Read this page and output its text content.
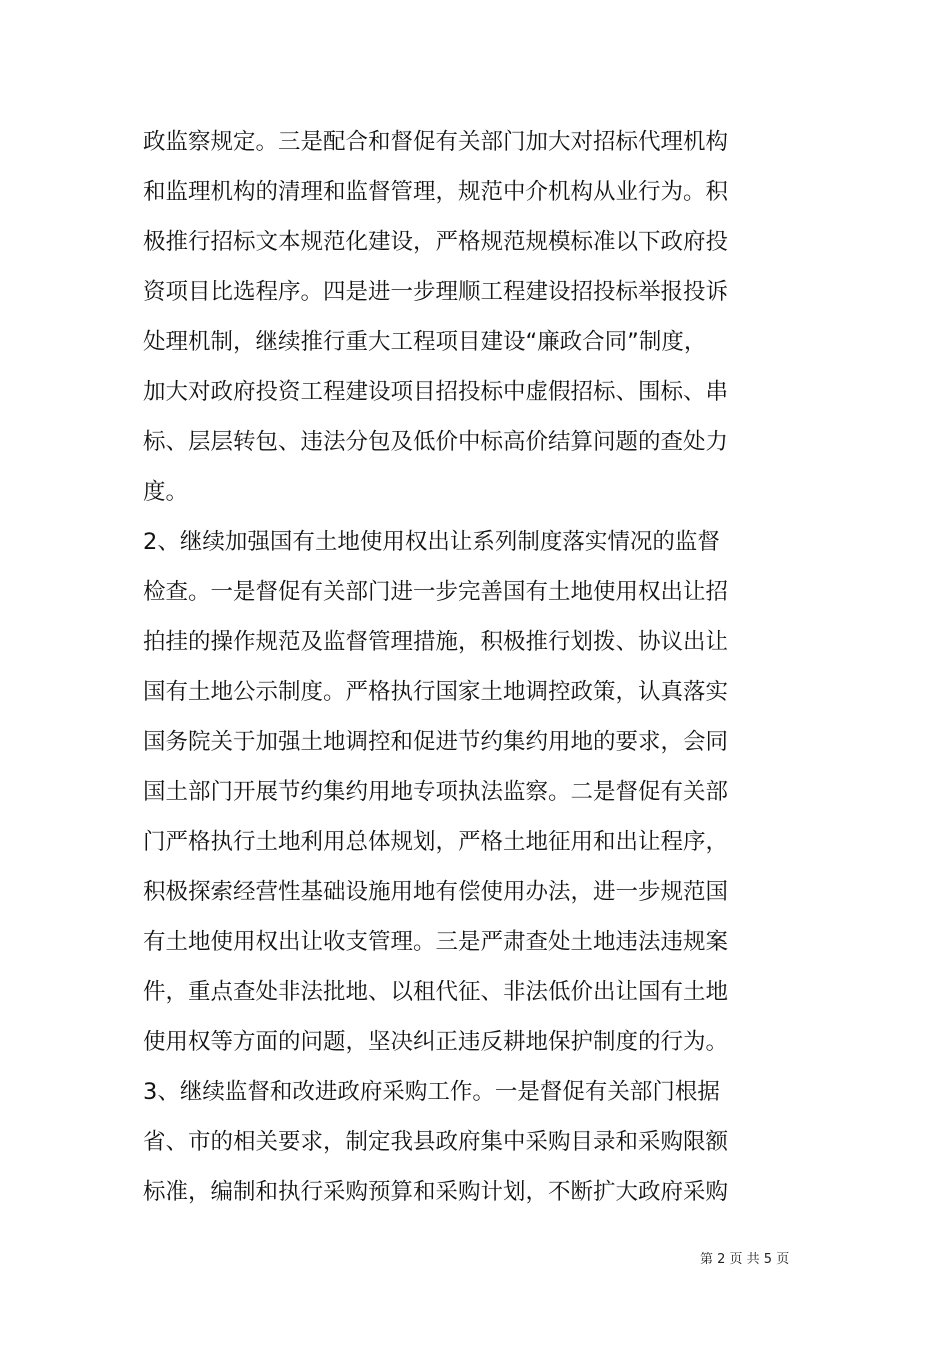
政监察规定。三是配合和督促有关部门加大对招标代理机构
和监理机构的清理和监督管理，规范中介机构从业行为。积
极推行招标文本规范化建设，严格规范规模标准以下政府投
资项目比选程序。四是进一步理顺工程建设招投标举报投诉
处理机制，继续推行重大工程项目建设“廉政合同”制度，
加大对政府投资工程建设项目招投标中虚假招标、围标、串
标、层层转包、违法分包及低价中标高价结算问题的查处力
度。
2、继续加强国有土地使用权出让系列制度落实情况的监督
检查。一是督促有关部门进一步完善国有土地使用权出让招
拍挂的操作规范及监督管理措施，积极推行划拨、协议出让
国有土地公示制度。严格执行国家土地调控政策，认真落实
国务院关于加强土地调控和促进节约集约用地的要求，会同
国土部门开展节约集约用地专项执法监察。二是督促有关部
门严格执行土地利用总体规划，严格土地征用和出让程序，
积极探索经营性基础设施用地有偿使用办法，进一步规范国
有土地使用权出让收支管理。三是严肃查处土地违法违规案
件，重点查处非法批地、以租代征、非法低价出让国有土地
使用权等方面的问题，坚决纠正违反耕地保护制度的行为。
3、继续监督和改进政府采购工作。一是督促有关部门根据
省、市的相关要求，制定我县政府集中采购目录和采购限额
标准，编制和执行采购预算和采购计划，不断扩大政府采购
第 2 页 共 5 页
